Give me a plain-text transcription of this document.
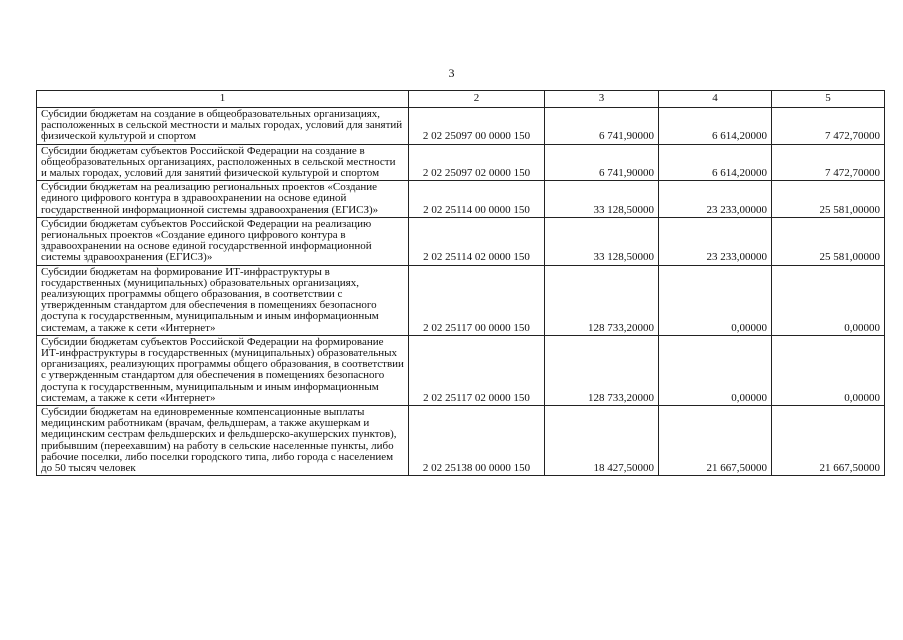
3
1	2	3	4	5
Субсидии бюджетам на создание в общеобразовательных организациях, расположенных в сельской местности и малых городах, условий для занятий физической культурой и спортом	2 02 25097 00 0000 150	6 741,90000	6 614,20000	7 472,70000
Субсидии бюджетам субъектов Российской Федерации на создание в общеобразовательных организациях, расположенных в сельской местности и малых городах, условий для занятий физической культурой и спортом	2 02 25097 02 0000 150	6 741,90000	6 614,20000	7 472,70000
Субсидии бюджетам на реализацию региональных проектов «Создание единого цифрового контура в здравоохранении на основе единой государственной информационной системы здравоохранения (ЕГИСЗ)»	2 02 25114 00 0000 150	33 128,50000	23 233,00000	25 581,00000
Субсидии бюджетам субъектов Российской Федерации на реализацию региональных проектов «Создание единого цифрового контура в здравоохранении на основе единой государственной информационной системы здравоохранения (ЕГИСЗ)»	2 02 25114 02 0000 150	33 128,50000	23 233,00000	25 581,00000
Субсидии бюджетам на формирование ИТ-инфраструктуры в государственных (муниципальных) образовательных организациях, реализующих программы общего образования, в соответствии с утвержденным стандартом для обеспечения в помещениях безопасного доступа к государственным, муниципальным и иным информационным системам, а также к сети «Интернет»	2 02 25117 00 0000 150	128 733,20000	0,00000	0,00000
Субсидии бюджетам субъектов Российской Федерации на формирование ИТ-инфраструктуры в государственных (муниципальных) образовательных организациях, реализующих программы общего образования, в соответствии с утвержденным стандартом для обеспечения в помещениях безопасного доступа к государственным, муниципальным и иным информационным системам, а также к сети «Интернет»	2 02 25117 02 0000 150	128 733,20000	0,00000	0,00000
Субсидии бюджетам на единовременные компенсационные выплаты медицинским работникам (врачам, фельдшерам, а также акушеркам и медицинским сестрам фельдшерских и фельдшерско-акушерских пунктов), прибывшим (переехавшим) на работу в сельские населенные пункты, либо рабочие поселки, либо поселки городского типа, либо города с населением до 50 тысяч человек	2 02 25138 00 0000 150	18 427,50000	21 667,50000	21 667,50000
